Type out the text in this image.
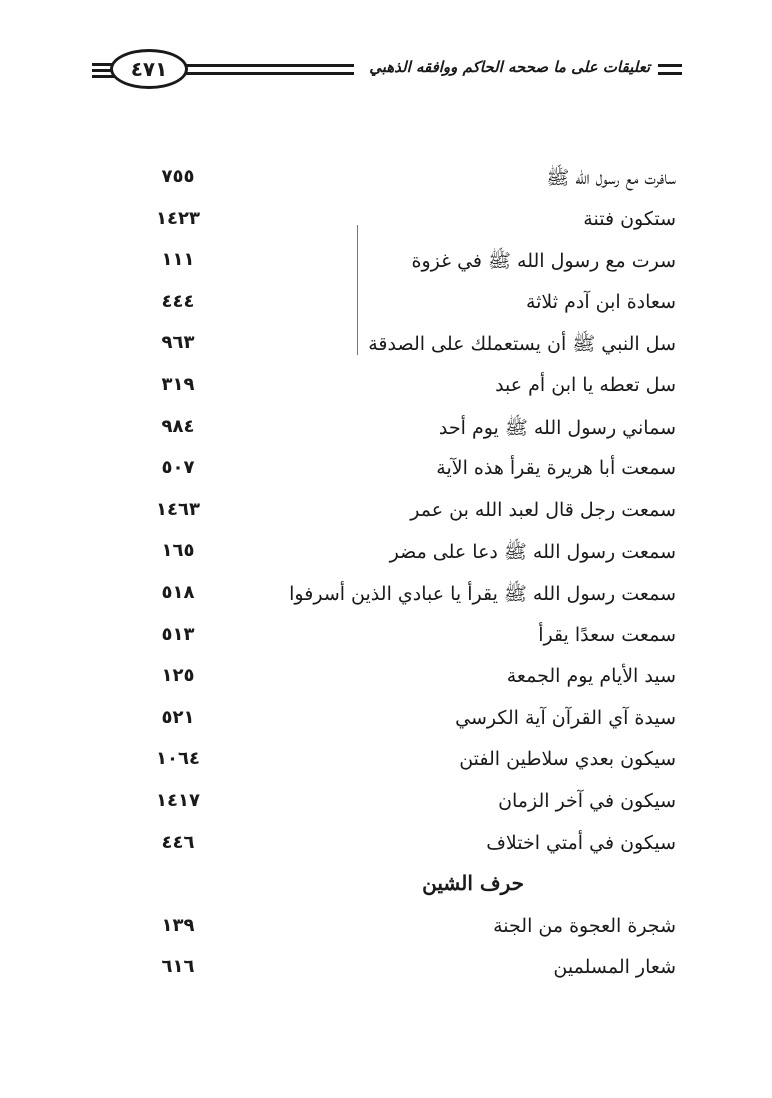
٤٧١	تعليقات على ما صححه الحاكم ووافقه الذهبي
سافرت مع رسول الله ﷺ
٧٥٥
ستكون فتنة
١٤٢٣
سرت مع رسول الله ﷺ في غزوة
١١١
سعادة ابن آدم ثلاثة
٤٤٤
سل النبي ﷺ أن يستعملك على الصدقة
٩٦٣
سل تعطه يا ابن أم عبد
٣١٩
سماني رسول الله ﷺ يوم أحد
٩٨٤
سمعت أبا هريرة يقرأ هذه الآية
٥٠٧
سمعت رجل قال لعبد الله بن عمر
١٤٦٣
سمعت رسول الله ﷺ دعا على مضر
١٦٥
سمعت رسول الله ﷺ يقرأ يا عبادي الذين أسرفوا
٥١٨
سمعت سعدًا يقرأ
٥١٣
سيد الأيام يوم الجمعة
١٢٥
سيدة آي القرآن آية الكرسي
٥٢١
سيكون بعدي سلاطين الفتن
١٠٦٤
سيكون في آخر الزمان
١٤١٧
سيكون في أمتي اختلاف
٤٤٦
حرف الشين
شجرة العجوة من الجنة
١٣٩
شعار المسلمين
٦١٦
